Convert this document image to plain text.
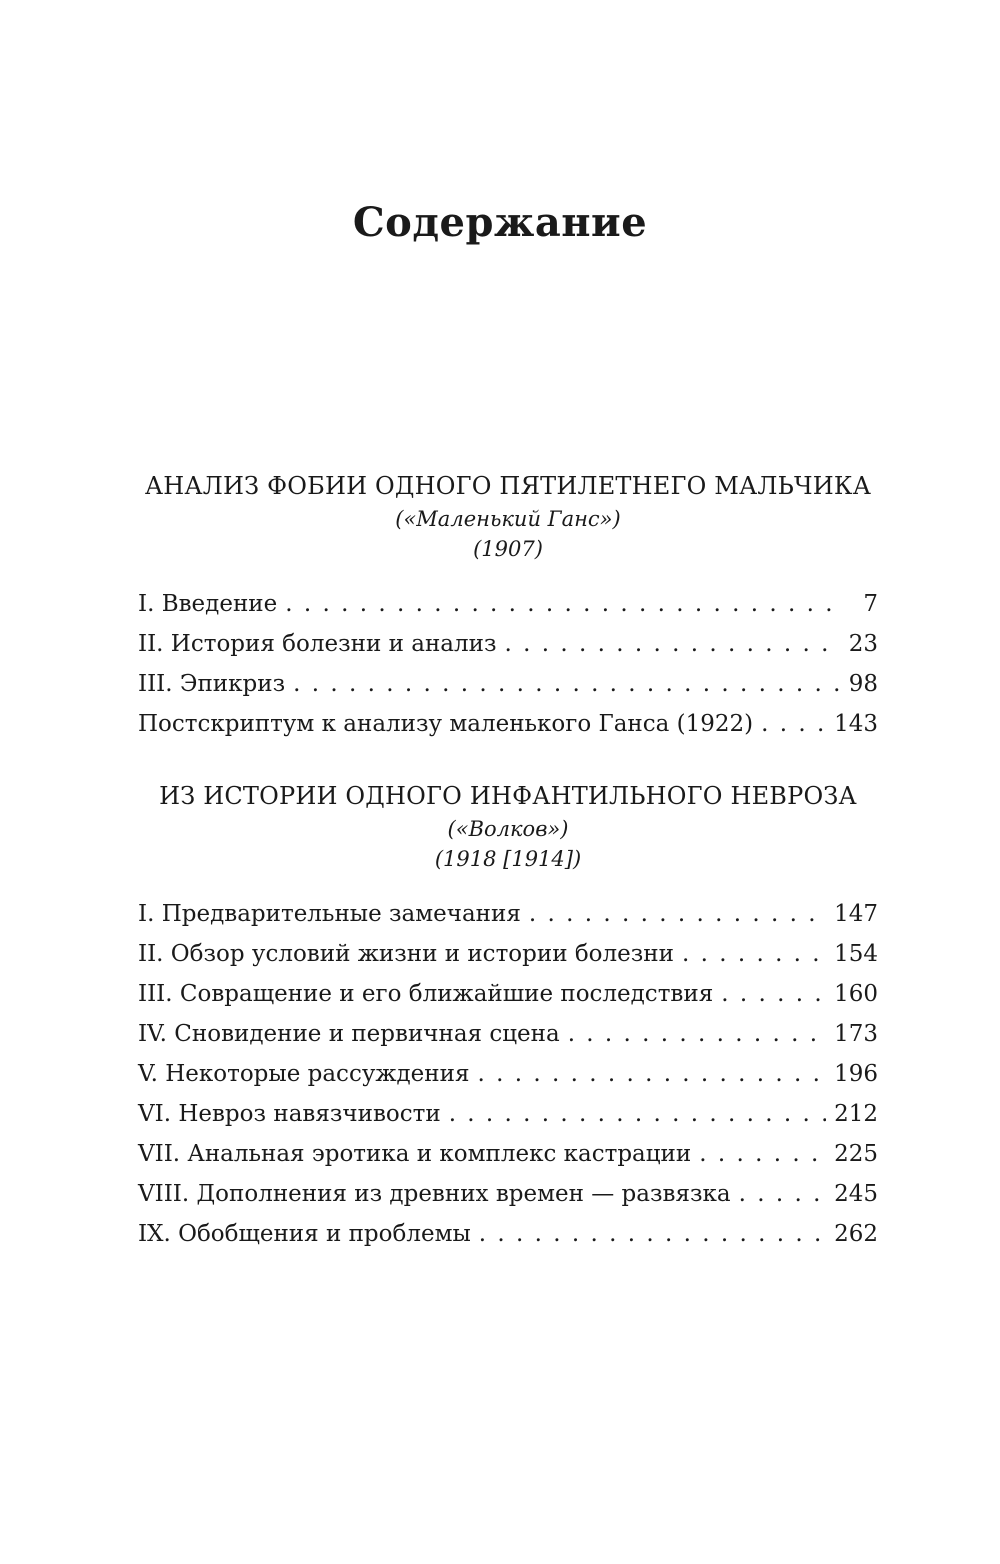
Содержание

АНАЛИЗ ФОБИИ ОДНОГО ПЯТИЛЕТНЕГО МАЛЬЧИКА

(«Маленький Ганс»)

(1907)

I. Введение . . .	7
II. История болезни и анализ . . .	23
III. Эпикриз . . .	98
Постскриптум к анализу маленького Ганса (1922) . . .	143

ИЗ ИСТОРИИ ОДНОГО ИНФАНТИЛЬНОГО НЕВРОЗА

(«Волков»)

(1918 [1914])

I. Предварительные замечания . . .	147
II. Обзор условий жизни и истории болезни . . .	154
III. Совращение и его ближайшие последствия . . .	160
IV. Сновидение и первичная сцена . . .	173
V. Некоторые рассуждения . . .	196
VI. Невроз навязчивости . . .	212
VII. Анальная эротика и комплекс кастрации . . .	225
VIII. Дополнения из древних времен — развязка . . .	245
IX. Обобщения и проблемы . . .	262
